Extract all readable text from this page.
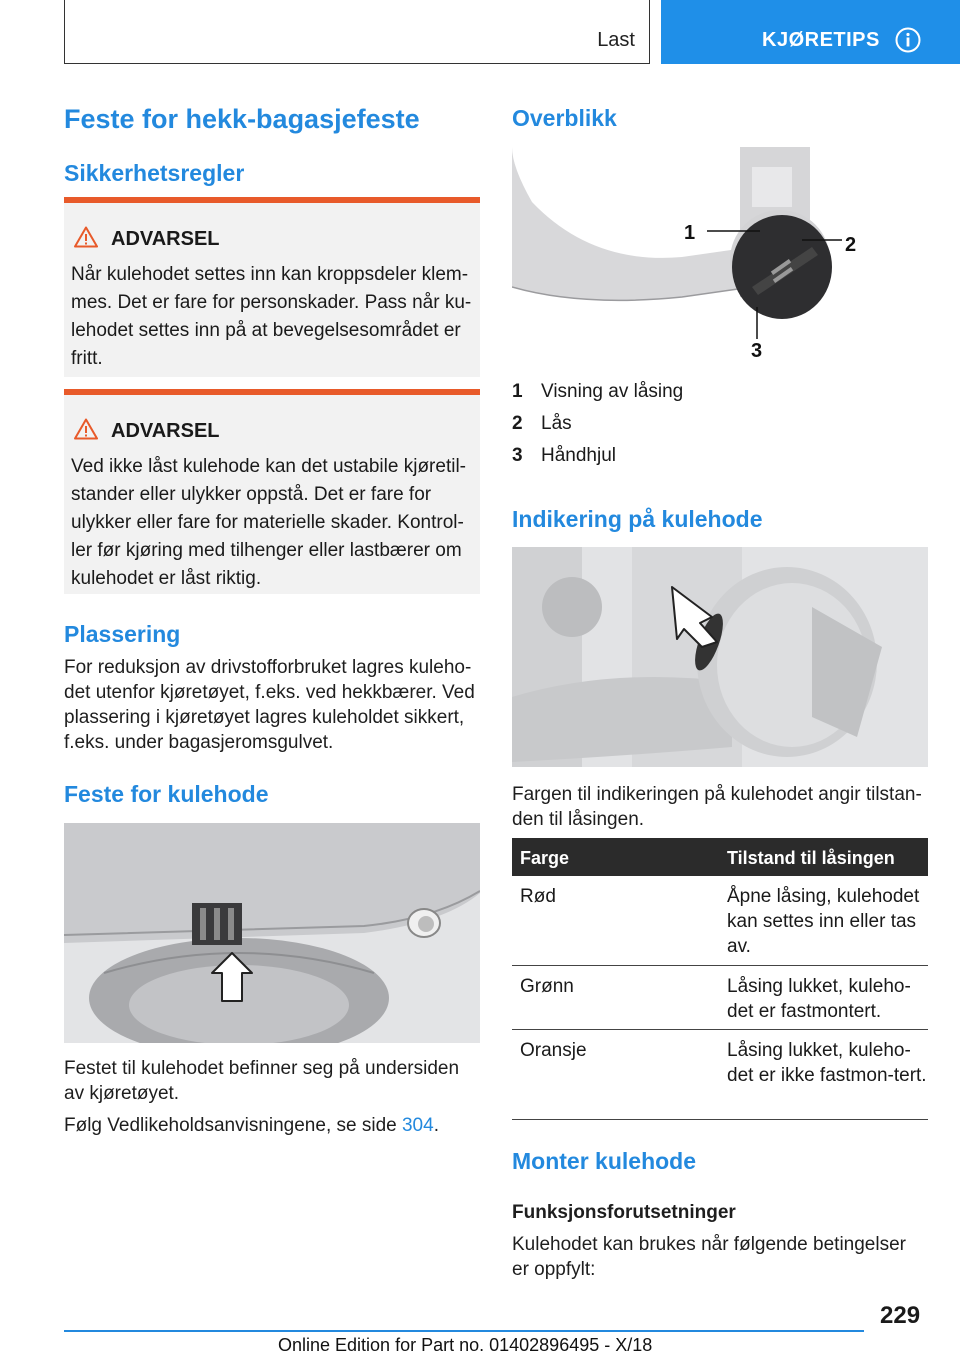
Last	KJØRETIPS
Feste for hekk-bagasjefeste
Sikkerhetsregler
ADVARSEL
Når kulehodet settes inn kan kroppsdeler klem-mes. Det er fare for personskader. Pass når ku-lehodet settes inn på at bevegelsesområdet er fritt.
ADVARSEL
Ved ikke låst kulehode kan det ustabile kjøretil-stander eller ulykker oppstå. Det er fare for ulykker eller fare for materielle skader. Kontrol-ler før kjøring med tilhenger eller lastbærer om kulehodet er låst riktig.
Plassering
For reduksjon av drivstofforbruket lagres kuleho-det utenfor kjøretøyet, f.eks. ved hekkbærer. Ved plassering i kjøretøyet lagres kuleholdet sikkert, f.eks. under bagasjeromsgulvet.
Feste for kulehode
Festet til kulehodet befinner seg på undersiden av kjøretøyet.
Følg Vedlikeholdsanvisningene, se side 304.
Overblikk
1
2
3
1 Visning av låsing
2 Lås
3 Håndhjul
Indikering på kulehode
Fargen til indikeringen på kulehodet angir tilstan-den til låsingen.
Farge	Tilstand til låsingen
Rød	Åpne låsing, kulehodet kan settes inn eller tas av.
Grønn	Låsing lukket, kuleho-det er fastmontert.
Oransje	Låsing lukket, kuleho-det er ikke fastmon-tert.
Monter kulehode
Funksjonsforutsetninger
Kulehodet kan brukes når følgende betingelser er oppfylt:
229
Online Edition for Part no. 01402896495 - X/18
